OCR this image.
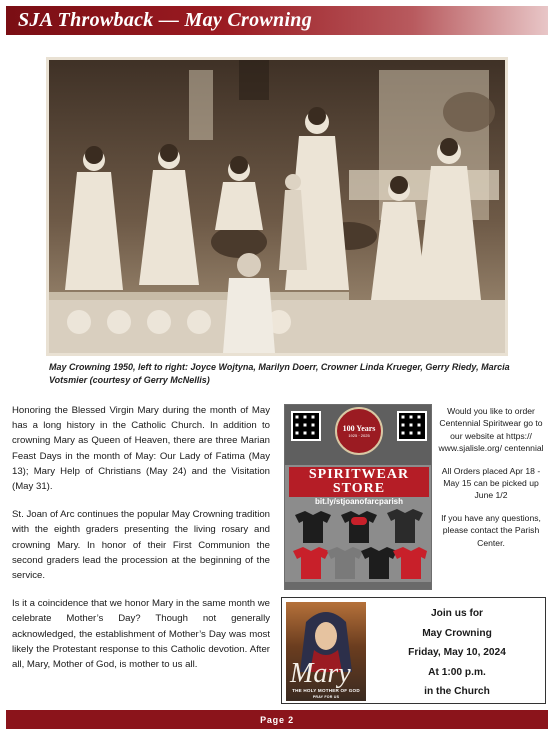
SJA Throwback — May Crowning
May Crowning 1950, left to right: Joyce Wojtyna, Marilyn Doerr, Crowner Linda Krueger, Gerry Riedy, Marcia Votsmier (courtesy of Gerry McNellis)

Honoring the Blessed Virgin Mary during the month of May has a long history in the Catholic Church. In addition to crowning Mary as Queen of Heaven, there are three Marian Feast Days in the month of May: Our Lady of Fatima (May 13); Mary Help of Christians (May 24) and the Visitation (May 31).

St. Joan of Arc continues the popular May Crowning tradition with the eighth graders presenting the living rosary and crowning Mary. In honor of their First Communion the second graders lead the procession at the beginning of the service.

Is it a coincidence that we honor Mary in the same month we celebrate Mother’s Day? Though not generally acknowledged, the establishment of Mother’s Day was most likely the Protestant response to this Catholic devotion. After all, Mary, Mother of God, is mother to us all.

100 Years
1925 · 2025
SPIRITWEAR
STORE
bit.ly/stjoanofarcparish

Would you like to order Centennial Spiritwear go to our website at https:// www.sjalisle.org/ centennial

All Orders placed Apr 18 - May 15 can be picked up June 1/2

If you have any questions, please contact the Parish Center.

Mary
THE HOLY MOTHER OF GOD
PRAY FOR US
Join us for
May Crowning
Friday, May 10, 2024
At 1:00 p.m.
in the Church
Page 2
